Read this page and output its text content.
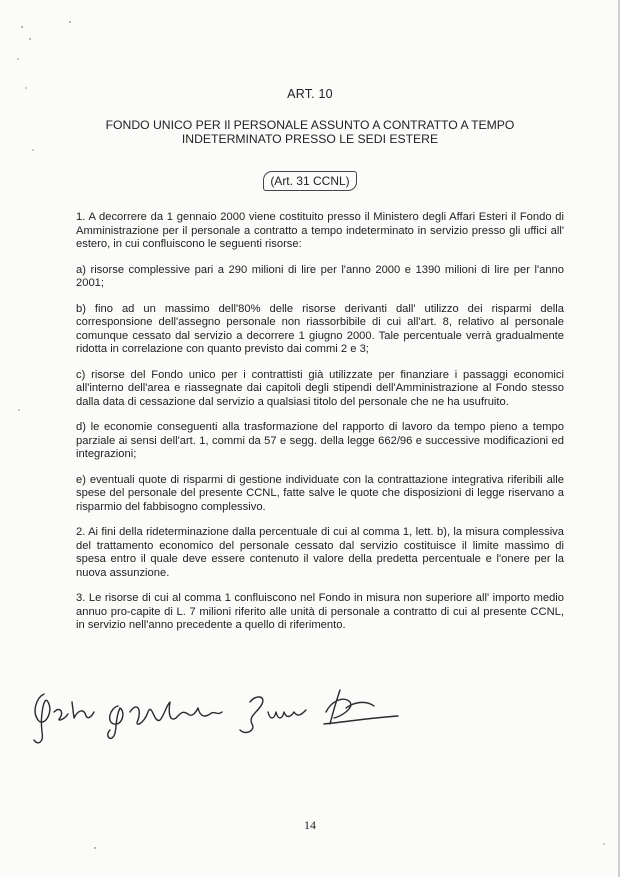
ART. 10
FONDO UNICO PER Il PERSONALE ASSUNTO A CONTRATTO A TEMPO INDETERMINATO PRESSO LE SEDI ESTERE
(Art. 31 CCNL)

1. A decorrere da 1 gennaio 2000 viene costituito presso il Ministero degli Affari Esteri il Fondo di Amministrazione per il personale a contratto a tempo indeterminato in servizio presso gli uffici all' estero, in cui confluiscono le seguenti risorse:

a) risorse complessive pari a 290 milioni di lire per l'anno 2000 e 1390 milioni di lire per l'anno 2001;

b) fino ad un massimo dell'80% delle risorse derivanti dall' utilizzo dei risparmi della corresponsione dell'assegno personale non riassorbibile di cui all'art. 8, relativo al personale comunque cessato dal servizio a decorrere 1 giugno 2000. Tale percentuale verrà gradualmente ridotta in correlazione con quanto previsto dai commi 2 e 3;

c) risorse del Fondo unico per i contrattisti già utilizzate per finanziare i passaggi economici all'interno dell'area e riassegnate dai capitoli degli stipendi dell'Amministrazione al Fondo stesso dalla data di cessazione dal servizio a qualsiasi titolo del personale che ne ha usufruito.

d) le economie conseguenti alla trasformazione del rapporto di lavoro da tempo pieno a tempo parziale ai sensi dell'art. 1, commi da 57 e segg. della legge 662/96 e successive modificazioni ed integrazioni;

e) eventuali quote di risparmi di gestione individuate con la contrattazione integrativa riferibili alle spese del personale del presente CCNL, fatte salve le quote che disposizioni di legge riservano a risparmio del fabbisogno complessivo.

2. Ai fini della rideterminazione dalla percentuale di cui al comma 1, lett. b), la misura complessiva del trattamento economico del personale cessato dal servizio costituisce il limite massimo di spesa entro il quale deve essere contenuto il valore della predetta percentuale e l'onere per la nuova assunzione.

3. Le risorse di cui al comma 1 confluiscono nel Fondo in misura non superiore all' importo medio annuo pro-capite di L. 7 milioni riferito alle unità di personale a contratto di cui al presente CCNL, in servizio nell'anno precedente a quello di riferimento.

14
